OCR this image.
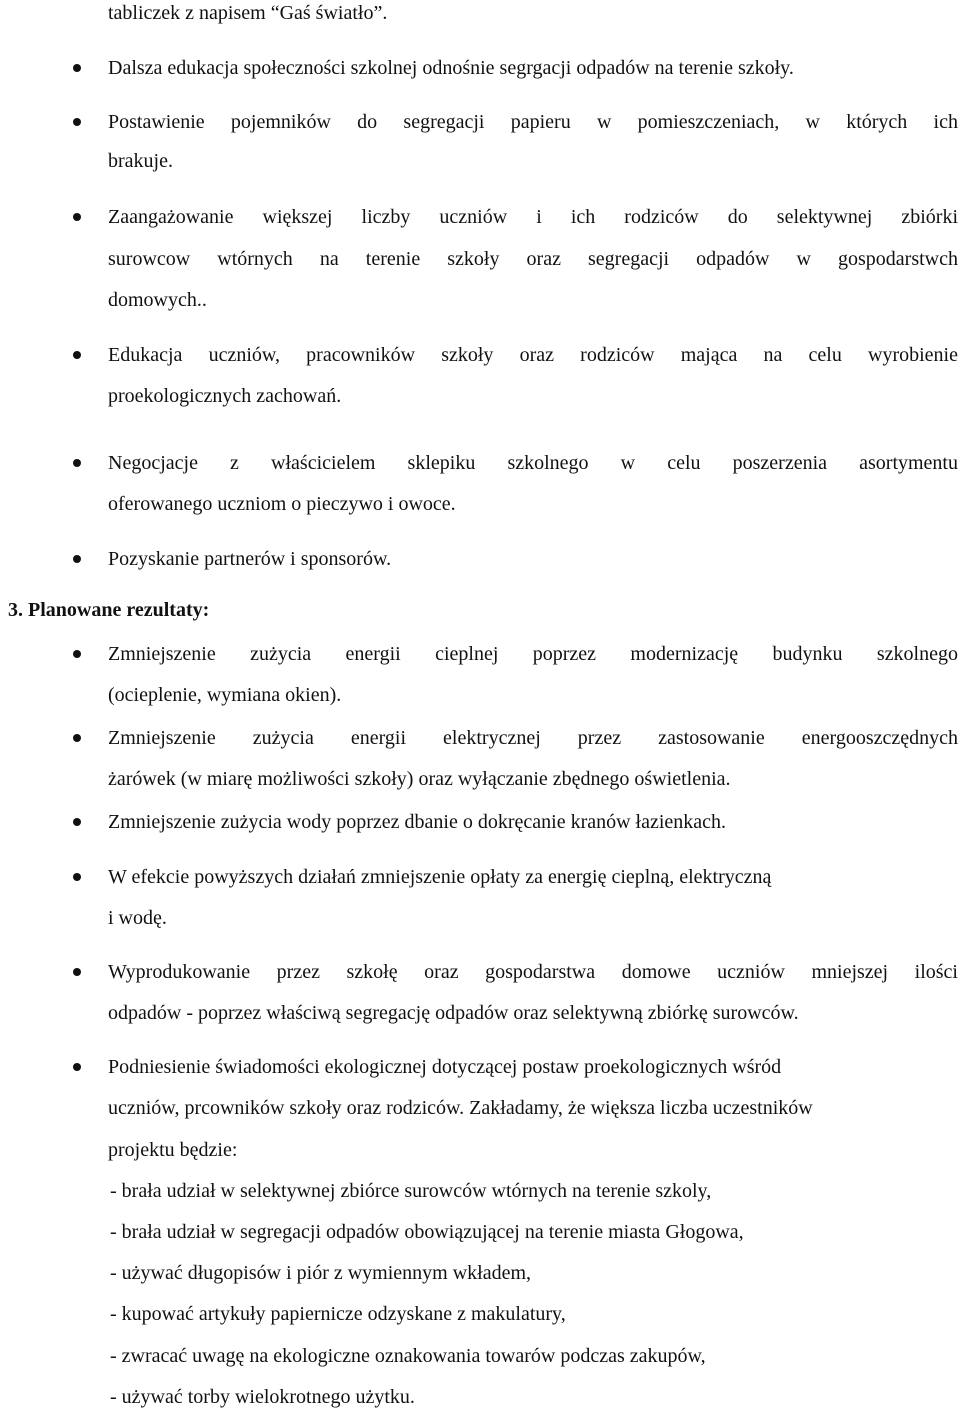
tabliczek z napisem “Gaś światło”.
Dalsza edukacja społeczności szkolnej odnośnie segrgacji odpadów na terenie szkoły.
Postawienie pojemników do segregacji papieru w pomieszczeniach, w których ich
brakuje.
Zaangażowanie większej liczby uczniów i ich rodziców do selektywnej zbiórki
surowcow wtórnych na terenie szkoły oraz segregacji odpadów w gospodarstwch
domowych..
Edukacja uczniów, pracowników szkoły oraz rodziców mająca na celu wyrobienie
proekologicznych zachowań.
Negocjacje z właścicielem sklepiku szkolnego w celu poszerzenia asortymentu
oferowanego uczniom o pieczywo i owoce.
Pozyskanie partnerów i sponsorów.
3. Planowane rezultaty:
Zmniejszenie zużycia energii cieplnej poprzez modernizację budynku szkolnego
(ocieplenie, wymiana okien).
Zmniejszenie zużycia energii elektrycznej przez zastosowanie energooszczędnych
żarówek (w miarę możliwości szkoły) oraz wyłączanie zbędnego oświetlenia.
Zmniejszenie zużycia wody poprzez dbanie o dokręcanie kranów łazienkach.
W efekcie powyższych działań zmniejszenie opłaty za energię cieplną, elektryczną
i wodę.
Wyprodukowanie przez szkołę oraz gospodarstwa domowe uczniów mniejszej ilości
odpadów - poprzez właściwą segregację odpadów oraz selektywną zbiórkę surowców.
Podniesienie świadomości ekologicznej dotyczącej postaw proekologicznych wśród
uczniów, prcowników szkoły oraz rodziców. Zakładamy, że większa liczba uczestników
projektu będzie:
- brała udział w selektywnej zbiórce surowców wtórnych na terenie szkoly,
- brała udział w segregacji odpadów obowiązującej na terenie miasta Głogowa,
- używać długopisów i piór z wymiennym wkładem,
- kupować artykuły papiernicze odzyskane z makulatury,
- zwracać uwagę na ekologiczne oznakowania towarów podczas zakupów,
- używać torby wielokrotnego użytku.
